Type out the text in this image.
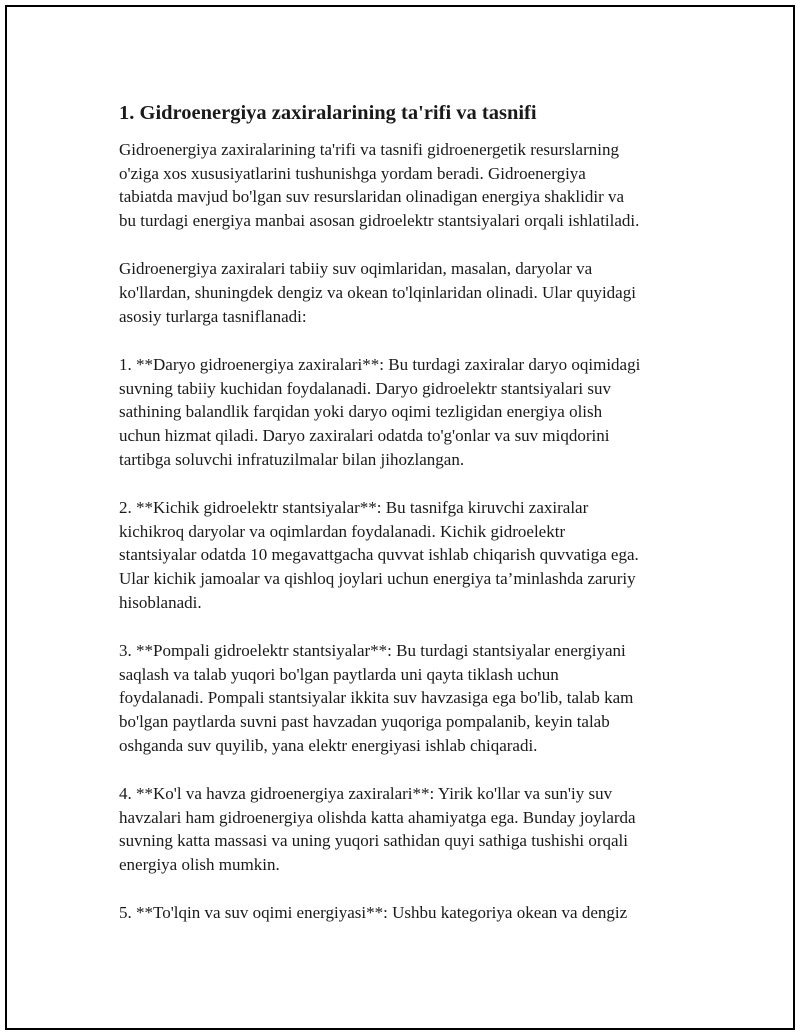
1. Gidroenergiya zaxiralarining ta'rifi va tasnifi

Gidroenergiya zaxiralarining ta'rifi va tasnifi gidroenergetik resurslarning
o'ziga xos xususiyatlarini tushunishga yordam beradi. Gidroenergiya
tabiatda mavjud bo'lgan suv resurslaridan olinadigan energiya shaklidir va
bu turdagi energiya manbai asosan gidroelektr stantsiyalari orqali ishlatiladi.

Gidroenergiya zaxiralari tabiiy suv oqimlaridan, masalan, daryolar va
ko'llardan, shuningdek dengiz va okean to'lqinlaridan olinadi. Ular quyidagi
asosiy turlarga tasniflanadi:

1. **Daryo gidroenergiya zaxiralari**: Bu turdagi zaxiralar daryo oqimidagi
suvning tabiiy kuchidan foydalanadi. Daryo gidroelektr stantsiyalari suv
sathining balandlik farqidan yoki daryo oqimi tezligidan energiya olish
uchun hizmat qiladi. Daryo zaxiralari odatda to'g'onlar va suv miqdorini
tartibga soluvchi infratuzilmalar bilan jihozlangan.

2. **Kichik gidroelektr stantsiyalar**: Bu tasnifga kiruvchi zaxiralar
kichikroq daryolar va oqimlardan foydalanadi. Kichik gidroelektr
stantsiyalar odatda 10 megavattgacha quvvat ishlab chiqarish quvvatiga ega.
Ular kichik jamoalar va qishloq joylari uchun energiya ta’minlashda zaruriy
hisoblanadi.

3. **Pompali gidroelektr stantsiyalar**: Bu turdagi stantsiyalar energiyani
saqlash va talab yuqori bo'lgan paytlarda uni qayta tiklash uchun
foydalanadi. Pompali stantsiyalar ikkita suv havzasiga ega bo'lib, talab kam
bo'lgan paytlarda suvni past havzadan yuqoriga pompalanib, keyin talab
oshganda suv quyilib, yana elektr energiyasi ishlab chiqaradi.

4. **Ko'l va havza gidroenergiya zaxiralari**: Yirik ko'llar va sun'iy suv
havzalari ham gidroenergiya olishda katta ahamiyatga ega. Bunday joylarda
suvning katta massasi va uning yuqori sathidan quyi sathiga tushishi orqali
energiya olish mumkin.

5. **To'lqin va suv oqimi energiyasi**: Ushbu kategoriya okean va dengiz
